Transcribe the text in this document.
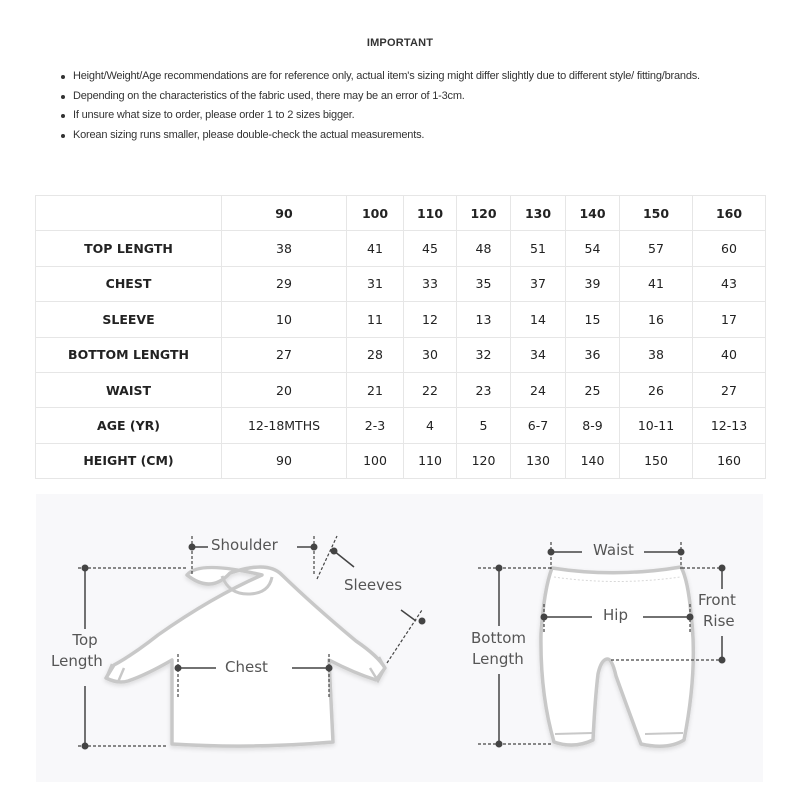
IMPORTANT
Height/Weight/Age recommendations are for reference only, actual item's sizing might differ slightly due to different style/ fitting/brands.
Depending on the characteristics of the fabric used, there may be an error of 1-3cm.
If unsure what size to order, please order 1 to 2 sizes bigger.
Korean sizing runs smaller, please double-check the actual measurements.
	90	100	110	120	130	140	150	160
TOP LENGTH	38	41	45	48	51	54	57	60
CHEST	29	31	33	35	37	39	41	43
SLEEVE	10	11	12	13	14	15	16	17
BOTTOM LENGTH	27	28	30	32	34	36	38	40
WAIST	20	21	22	23	24	25	26	27
AGE (YR)	12-18MTHS	2-3	4	5	6-7	8-9	10-11	12-13
HEIGHT (CM)	90	100	110	120	130	140	150	160
Shoulder
Sleeves
Top
Length	Chest
Waist
Hip
Front
Rise
Bottom
Length
